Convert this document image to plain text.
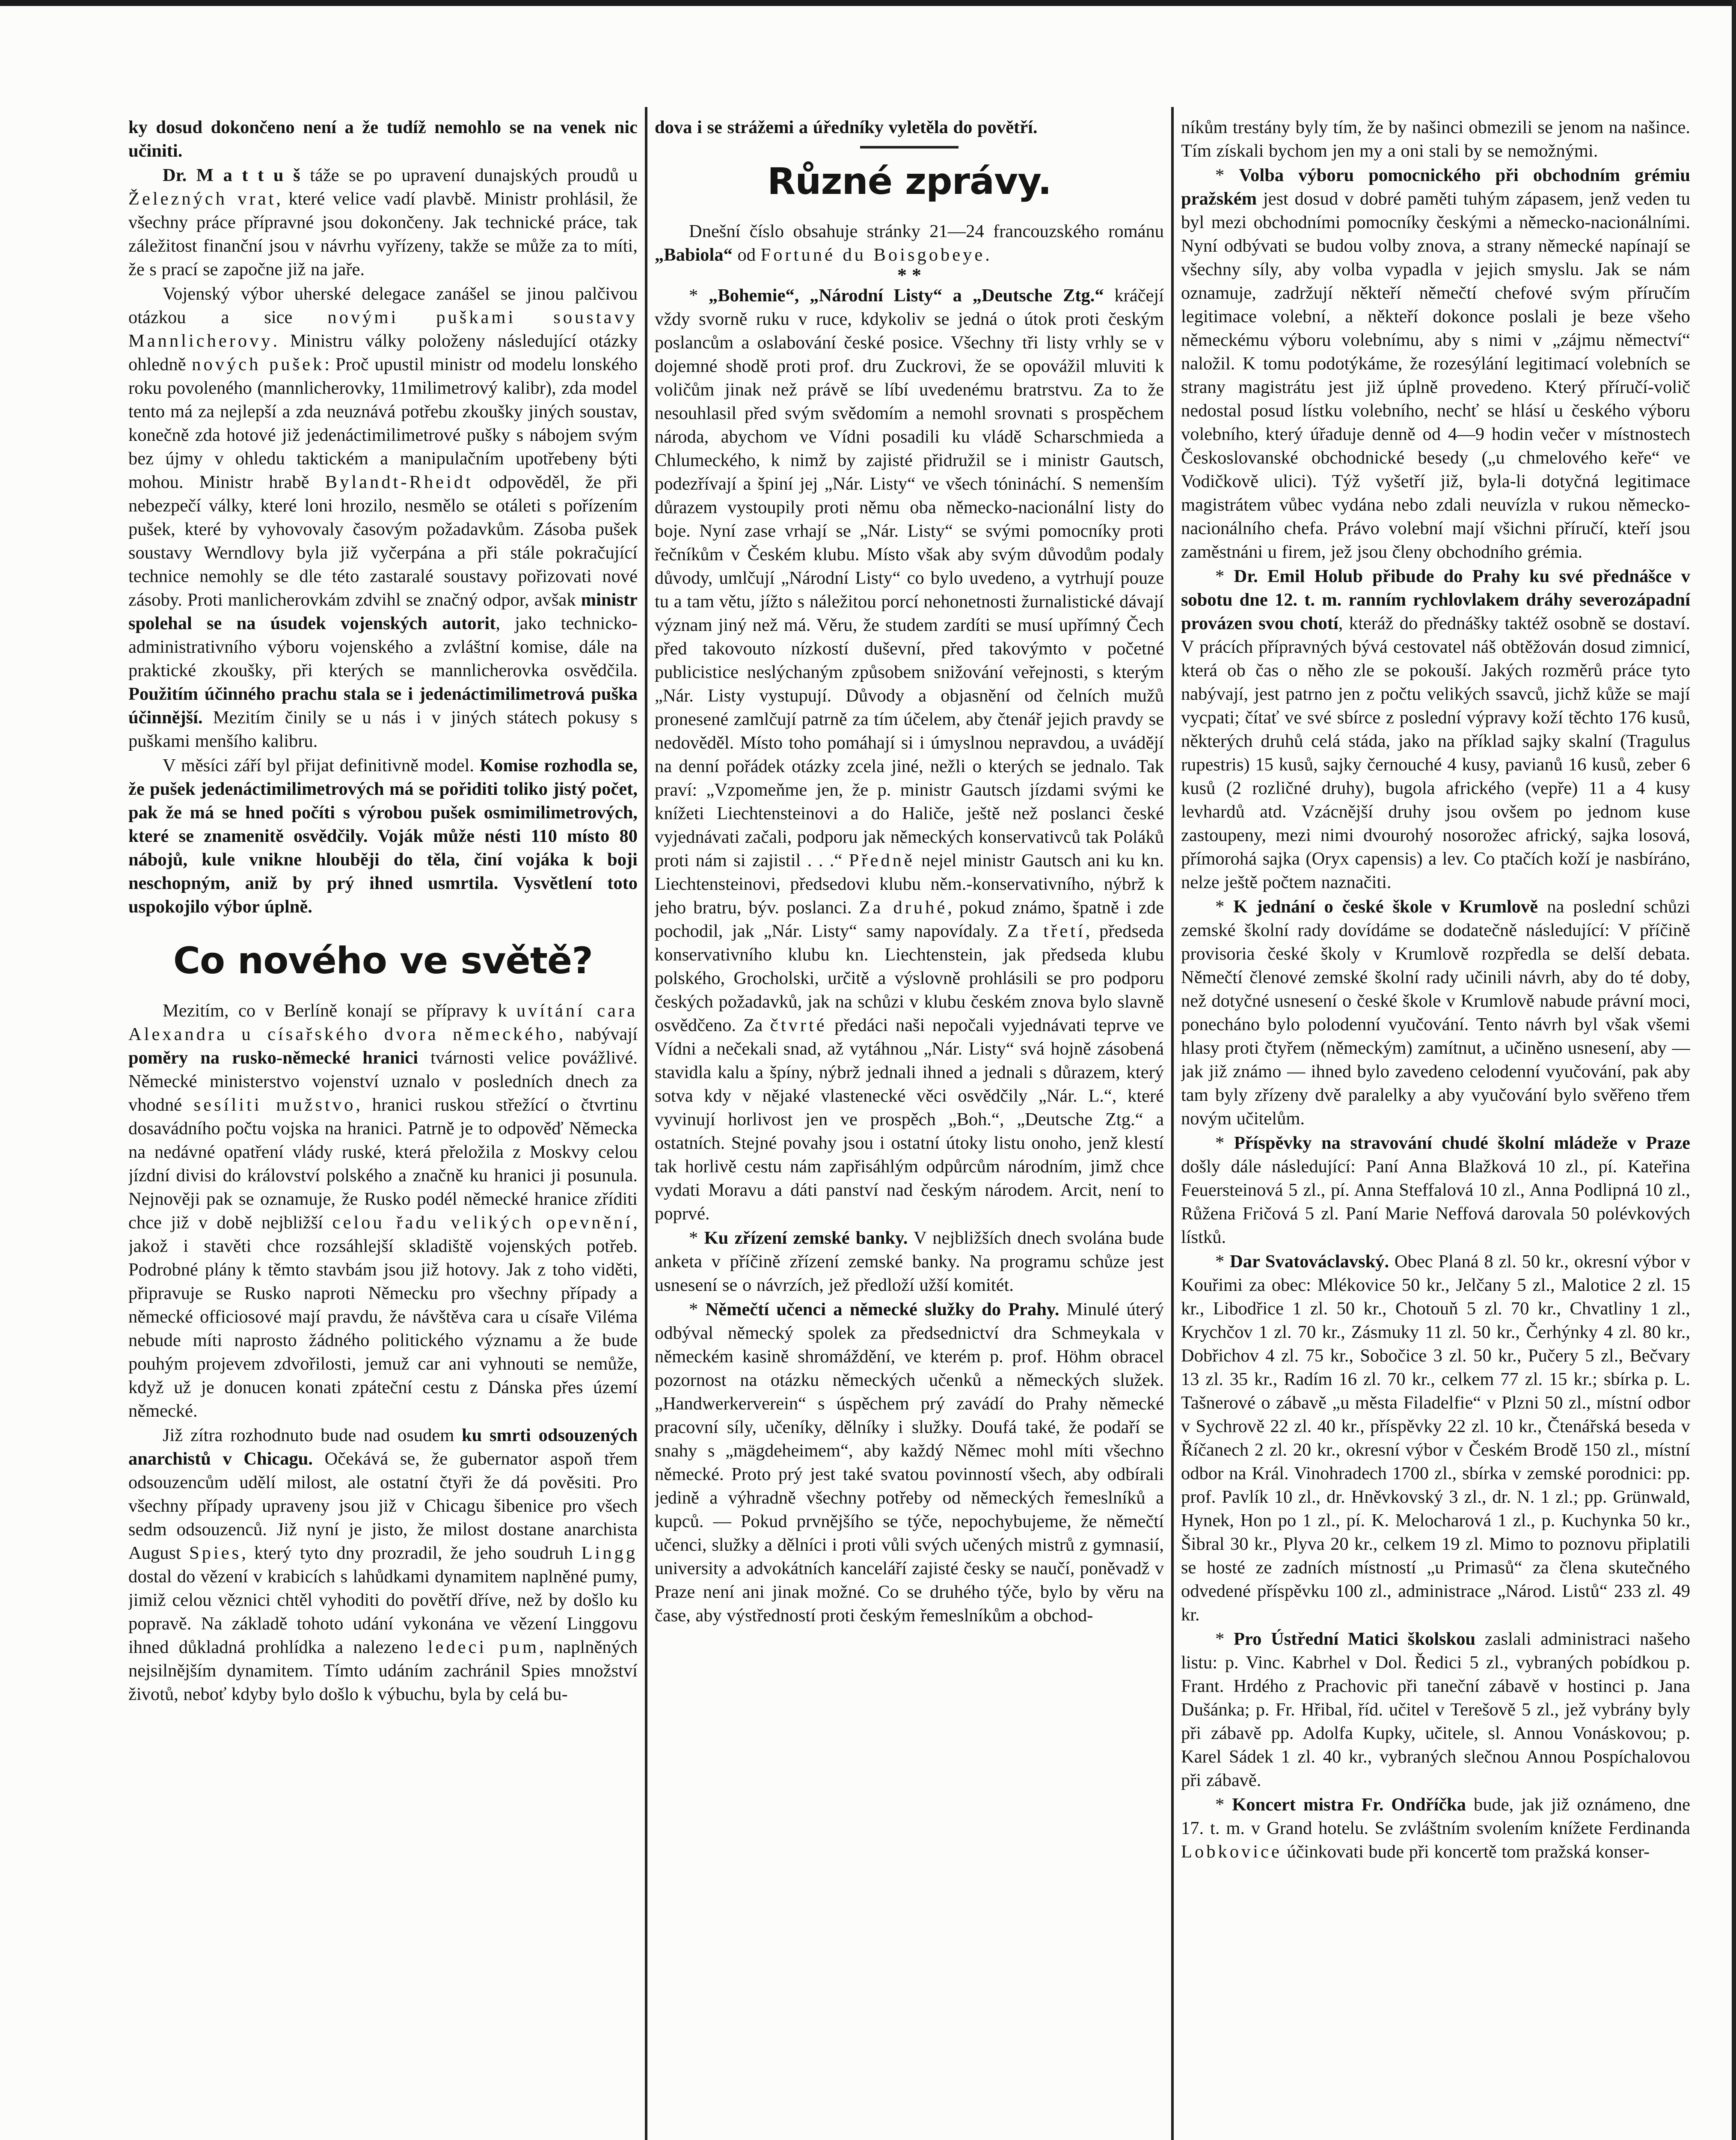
ky dosud dokončeno není a že tudíž nemohlo se na venek nic učiniti.

Dr. M a t t u š táže se po upravení dunajských proudů u Železných vrat, které velice vadí plavbě. Ministr prohlásil, že všechny práce přípravné jsou dokončeny. Jak technické práce, tak záležitost finanční jsou v návrhu vyřízeny, takže se může za to míti, že s prací se započne již na jaře.

Vojenský výbor uherské delegace zanášel se jinou palčivou otázkou a sice novými puškami soustavy Mannlicherovy. Ministru války položeny následující otázky ohledně nových pušek: Proč upustil ministr od modelu lonského roku povoleného (mannlicherovky, 11milimetrový kalibr), zda model tento má za nejlepší a zda neuznává potřebu zkoušky jiných soustav, konečně zda hotové již jedenáctimilimetrové pušky s nábojem svým bez újmy v ohledu taktickém a manipulačním upotřebeny býti mohou. Ministr hrabě Bylandt-Rheidt odpověděl, že při nebezpečí války, které loni hrozilo, nesmělo se otáleti s pořízením pušek, které by vyhovovaly časovým požadavkům. Zásoba pušek soustavy Werndlovy byla již vyčerpána a při stále pokračující technice nemohly se dle této zastaralé soustavy pořizovati nové zásoby. Proti manlicherovkám zdvihl se značný odpor, avšak ministr spolehal se na úsudek vojenských autorit, jako technicko-administrativního výboru vojenského a zvláštní komise, dále na praktické zkoušky, při kterých se mannlicherovka osvědčila. Použitím účinného prachu stala se i jedenáctimilimetrová puška účinnější. Mezitím činily se u nás i v jiných státech pokusy s puškami menšího kalibru.

V měsíci září byl přijat definitivně model. Komise rozhodla se, že pušek jedenáctimilimetrových má se pořiditi toliko jistý počet, pak že má se hned počíti s výrobou pušek osmimilimetrových, které se znamenitě osvědčily. Voják může nésti 110 místo 80 nábojů, kule vnikne hlouběji do těla, činí vojáka k boji neschopným, aniž by prý ihned usmrtila. Vysvětlení toto uspokojilo výbor úplně.

Co nového ve světě?

Mezitím, co v Berlíně konají se přípravy k uvítání cara Alexandra u císařského dvora německého, nabývají poměry na rusko-německé hranici tvárnosti velice povážlivé. Německé ministerstvo vojenství uznalo v posledních dnech za vhodné sesíliti mužstvo, hranici ruskou střežící o čtvrtinu dosavádního počtu vojska na hranici. Patrně je to odpověď Německa na nedávné opatření vlády ruské, která přeložila z Moskvy celou jízdní divisi do království polského a značně ku hranici ji posunula. Nejnověji pak se oznamuje, že Rusko podél německé hranice zříditi chce již v době nejbližší celou řadu velikých opevnění, jakož i stavěti chce rozsáhlejší skladiště vojenských potřeb. Podrobné plány k těmto stavbám jsou již hotovy. Jak z toho viděti, připravuje se Rusko naproti Německu pro všechny případy a německé officiosové mají pravdu, že návštěva cara u císaře Viléma nebude míti naprosto žádného politického významu a že bude pouhým projevem zdvořilosti, jemuž car ani vyhnouti se nemůže, když už je donucen konati zpáteční cestu z Dánska přes území německé.

Již zítra rozhodnuto bude nad osudem ku smrti odsouzených anarchistů v Chicagu. Očekává se, že gubernator aspoň třem odsouzencům udělí milost, ale ostatní čtyři že dá pověsiti. Pro všechny případy upraveny jsou již v Chicagu šibenice pro všech sedm odsouzenců. Již nyní je jisto, že milost dostane anarchista August Spies, který tyto dny prozradil, že jeho soudruh Lingg dostal do vězení v krabicích s lahůdkami dynamitem naplněné pumy, jimiž celou věznici chtěl vyhoditi do povětří dříve, než by došlo ku popravě. Na základě tohoto udání vykonána ve vězení Linggovu ihned důkladná prohlídka a nalezeno ledeci pum, naplněných nejsilnějším dynamitem. Tímto udáním zachránil Spies množství životů, neboť kdyby bylo došlo k výbuchu, byla by celá bu-

dova i se strážemi a úředníky vyletěla do povětří.

Různé zprávy.

Dnešní číslo obsahuje stránky 21—24 francouzského románu „Babiola“ od Fortuné du Boisgobeye.

* *

* „Bohemie“, „Národní Listy“ a „Deutsche Ztg.“ kráčejí vždy svorně ruku v ruce, kdykoliv se jedná o útok proti českým poslancům a oslabování české posice. Všechny tři listy vrhly se v dojemné shodě proti prof. dru Zuckrovi, že se opovážil mluviti k voličům jinak než právě se líbí uvedenému bratrstvu. Za to že nesouhlasil před svým svědomím a nemohl srovnati s prospěchem národa, abychom ve Vídni posadili ku vládě Scharschmieda a Chlumeckého, k nimž by zajisté přidružil se i ministr Gautsch, podezřívají a špiní jej „Nár. Listy“ ve všech tónináchí. S nemenším důrazem vystoupily proti němu oba německo-nacionální listy do boje. Nyní zase vrhají se „Nár. Listy“ se svými pomocníky proti řečníkům v Českém klubu. Místo však aby svým důvodům podaly důvody, umlčují „Národní Listy“ co bylo uvedeno, a vytrhují pouze tu a tam větu, jížto s náležitou porcí nehonetnosti žurnalistické dávají význam jiný než má. Věru, že studem zardíti se musí upřímný Čech před takovouto nízkostí duševní, před takovýmto v početné publicistice neslýchaným způsobem snižování veřejnosti, s kterým „Nár. Listy vystupují. Důvody a objasnění od čelních mužů pronesené zamlčují patrně za tím účelem, aby čtenář jejich pravdy se nedověděl. Místo toho pomáhají si i úmyslnou nepravdou, a uvádějí na denní pořádek otázky zcela jiné, nežli o kterých se jednalo. Tak praví: „Vzpomeňme jen, že p. ministr Gautsch jízdami svými ke knížeti Liechtensteinovi a do Haliče, ještě než poslanci české vyjednávati začali, podporu jak německých konservativců tak Poláků proti nám si zajistil . . .“ Předně nejel ministr Gautsch ani ku kn. Liechtensteinovi, předsedovi klubu něm.-konservativního, nýbrž k jeho bratru, býv. poslanci. Za druhé, pokud známo, špatně i zde pochodil, jak „Nár. Listy“ samy napovídaly. Za třetí, předseda konservativního klubu kn. Liechtenstein, jak předseda klubu polského, Grocholski, určitě a výslovně prohlásili se pro podporu českých požadavků, jak na schůzi v klubu českém znova bylo slavně osvědčeno. Za čtvrté předáci naši nepočali vyjednávati teprve ve Vídni a nečekali snad, až vytáhnou „Nár. Listy“ svá hojně zásobená stavidla kalu a špíny, nýbrž jednali ihned a jednali s důrazem, který sotva kdy v nějaké vlastenecké věci osvědčily „Nár. L.“, které vyvinují horlivost jen ve prospěch „Boh.“, „Deutsche Ztg.“ a ostatních. Stejné povahy jsou i ostatní útoky listu onoho, jenž klestí tak horlivě cestu nám zapřisáhlým odpůrcům národním, jimž chce vydati Moravu a dáti panství nad českým národem. Arcit, není to poprvé.

* Ku zřízení zemské banky. V nejbližších dnech svolána bude anketa v příčině zřízení zemské banky. Na programu schůze jest usnesení se o návrzích, jež předloží užší komitét.

* Němečtí učenci a německé služky do Prahy. Minulé úterý odbýval německý spolek za předsednictví dra Schmeykala v německém kasině shromáždění, ve kterém p. prof. Höhm obracel pozornost na otázku německých učenků a německých služek. „Handwerkerverein“ s úspěchem prý zavádí do Prahy německé pracovní síly, učeníky, dělníky i služky. Doufá také, že podaří se snahy s „mägdeheimem“, aby každý Němec mohl míti všechno německé. Proto prý jest také svatou povinností všech, aby odbírali jedině a výhradně všechny potřeby od německých řemeslníků a kupců. — Pokud prvnějšího se týče, nepochybujeme, že němečtí učenci, služky a dělníci i proti vůli svých učených mistrů z gymnasií, university a advokátních kanceláří zajisté česky se naučí, poněvadž v Praze není ani jinak možné. Co se druhého týče, bylo by věru na čase, aby výstředností proti českým řemeslníkům a obchod-

níkům trestány byly tím, že by našinci obmezili se jenom na našince. Tím získali bychom jen my a oni stali by se nemožnými.

* Volba výboru pomocnického při obchodním grémiu pražském jest dosud v dobré paměti tuhým zápasem, jenž veden tu byl mezi obchodními pomocníky českými a německo-nacionálními. Nyní odbývati se budou volby znova, a strany německé napínají se všechny síly, aby volba vypadla v jejich smyslu. Jak se nám oznamuje, zadržují někteří němečtí chefové svým příručím legitimace volební, a někteří dokonce poslali je beze všeho německému výboru volebnímu, aby s nimi v „zájmu němectví“ naložil. K tomu podotýkáme, že rozesýlání legitimací volebních se strany magistrátu jest již úplně provedeno. Který příručí-volič nedostal posud lístku volebního, nechť se hlásí u českého výboru volebního, který úřaduje denně od 4—9 hodin večer v místnostech Českoslovanské obchodnické besedy („u chmelového keře“ ve Vodičkově ulici). Týž vyšetří již, byla-li dotyčná legitimace magistrátem vůbec vydána nebo zdali neuvízla v rukou německo-nacionálního chefa. Právo volební mají všichni příručí, kteří jsou zaměstnáni u firem, jež jsou členy obchodního grémia.

* Dr. Emil Holub přibude do Prahy ku své přednášce v sobotu dne 12. t. m. ranním rychlovlakem dráhy severozápadní provázen svou chotí, kteráž do přednášky taktéž osobně se dostaví. V prácích přípravných bývá cestovatel náš obtěžován dosud zimnicí, která ob čas o něho zle se pokouší. Jakých rozměrů práce tyto nabývají, jest patrno jen z počtu velikých ssavců, jichž kůže se mají vycpati; čítať ve své sbírce z poslední výpravy koží těchto 176 kusů, některých druhů celá stáda, jako na příklad sajky skalní (Tragulus rupestris) 15 kusů, sajky černouché 4 kusy, pavianů 16 kusů, zeber 6 kusů (2 rozličné druhy), bugola afrického (vepře) 11 a 4 kusy levhardů atd. Vzácnější druhy jsou ovšem po jednom kuse zastoupeny, mezi nimi dvourohý nosorožec africký, sajka losová, přímorohá sajka (Oryx capensis) a lev. Co ptačích koží je nasbíráno, nelze ještě počtem naznačiti.

* K jednání o české škole v Krumlově na poslední schůzi zemské školní rady dovídáme se dodatečně následující: V příčině provisoria české školy v Krumlově rozpředla se delší debata. Němečtí členové zemské školní rady učinili návrh, aby do té doby, než dotyčné usnesení o české škole v Krumlově nabude právní moci, ponecháno bylo polodenní vyučování. Tento návrh byl však všemi hlasy proti čtyřem (německým) zamítnut, a učiněno usnesení, aby — jak již známo — ihned bylo zavedeno celodenní vyučování, pak aby tam byly zřízeny dvě paralelky a aby vyučování bylo svěřeno třem novým učitelům.

* Příspěvky na stravování chudé školní mládeže v Praze došly dále následující: Paní Anna Blažková 10 zl., pí. Kateřina Feuersteinová 5 zl., pí. Anna Steffalová 10 zl., Anna Podlipná 10 zl., Růžena Fričová 5 zl. Paní Marie Neffová darovala 50 polévkových lístků.

* Dar Svatováclavský. Obec Planá 8 zl. 50 kr., okresní výbor v Kouřimi za obec: Mlékovice 50 kr., Jelčany 5 zl., Malotice 2 zl. 15 kr., Libodřice 1 zl. 50 kr., Chotouň 5 zl. 70 kr., Chvatliny 1 zl., Krychčov 1 zl. 70 kr., Zásmuky 11 zl. 50 kr., Čerhýnky 4 zl. 80 kr., Dobřichov 4 zl. 75 kr., Sobočice 3 zl. 50 kr., Pučery 5 zl., Bečvary 13 zl. 35 kr., Radím 16 zl. 70 kr., celkem 77 zl. 15 kr.; sbírka p. L. Tašnerové o zábavě „u města Filadelfie“ v Plzni 50 zl., místní odbor v Sychrově 22 zl. 40 kr., příspěvky 22 zl. 10 kr., Čtenářská beseda v Říčanech 2 zl. 20 kr., okresní výbor v Českém Brodě 150 zl., místní odbor na Král. Vinohradech 1700 zl., sbírka v zemské porodnici: pp. prof. Pavlík 10 zl., dr. Hněvkovský 3 zl., dr. N. 1 zl.; pp. Grünwald, Hynek, Hon po 1 zl., pí. K. Melocharová 1 zl., p. Kuchynka 50 kr., Šibral 30 kr., Plyva 20 kr., celkem 19 zl. Mimo to poznovu připlatili se hosté ze zadních místností „u Primasů“ za člena skutečného odvedené příspěvku 100 zl., administrace „Národ. Listů“ 233 zl. 49 kr.

* Pro Ústřední Matici školskou zaslali administraci našeho listu: p. Vinc. Kabrhel v Dol. Ředici 5 zl., vybraných pobídkou p. Frant. Hrdého z Prachovic při taneční zábavě v hostinci p. Jana Dušánka; p. Fr. Hřibal, říd. učitel v Terešově 5 zl., jež vybrány byly při zábavě pp. Adolfa Kupky, učitele, sl. Annou Vonáskovou; p. Karel Sádek 1 zl. 40 kr., vybraných slečnou Annou Pospíchalovou při zábavě.

* Koncert mistra Fr. Ondříčka bude, jak již oznámeno, dne 17. t. m. v Grand hotelu. Se zvláštním svolením knížete Ferdinanda Lobkovice účinkovati bude při koncertě tom pražská konser-
